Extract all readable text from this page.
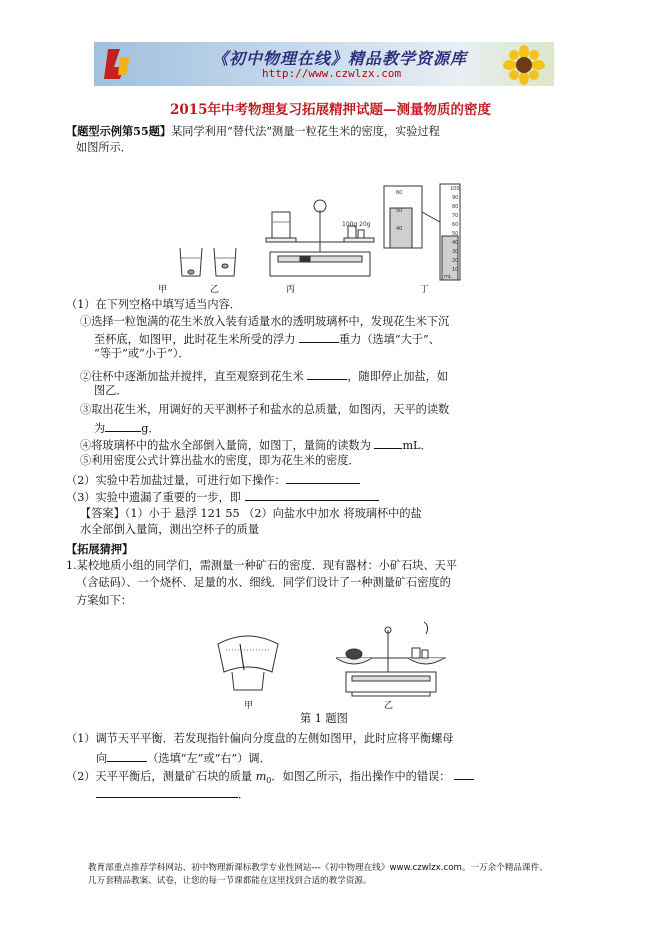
《初中物理在线》精品教学资源库
http://www.czwlzx.com
2015年中考物理复习拓展精押试题—测量物质的密度
【题型示例第55题】某同学利用“替代法”测量一粒花生米的密度，实验过程
如图所示．
100g 20g
60
50
40
100
90
80
70
60
50
40
30
20
10
mL
甲	乙	丙	丁
（1）在下列空格中填写适当内容．
①选择一粒饱满的花生米放入装有适量水的透明玻璃杯中，发现花生米下沉
至杯底，如图甲，此时花生米所受的浮力	重力（选填“大于”、
“等于”或“小于”）．
②往杯中逐渐加盐并搅拌，直至观察到花生米	，随即停止加盐，如
图乙．
③取出花生米，用调好的天平测杯子和盐水的总质量，如图丙，天平的读数
为	g．
④将玻璃杯中的盐水全部倒入量筒，如图丁，量筒的读数为	mL．
⑤利用密度公式计算出盐水的密度，即为花生米的密度．
（2）实验中若加盐过量，可进行如下操作：
（3）实验中遗漏了重要的一步，即
【答案】（1）小于 悬浮 121 55 （2）向盐水中加水 将玻璃杯中的盐
水全部倒入量筒，测出空杯子的质量
【拓展猜押】
1.某校地质小组的同学们，需测量一种矿石的密度．现有器材：小矿石块、天平
（含砝码）、一个烧杯、足量的水、细线．同学们设计了一种测量矿石密度的
方案如下：
甲	乙
第 1 题图
（1）调节天平平衡．若发现指针偏向分度盘的左侧如图甲，此时应将平衡螺母
向	（选填“左”或“右”）调．
（2）天平平衡后，测量矿石块的质量 $m_0$．如图乙所示，指出操作中的错误：
．
教育部重点推荐学科网站、初中物理新课标教学专业性网站---《初中物理在线》www.czwlzx.com。一万余个精品课件、
几万套精品教案、试卷，让您的每一节课都能在这里找到合适的教学资源。
